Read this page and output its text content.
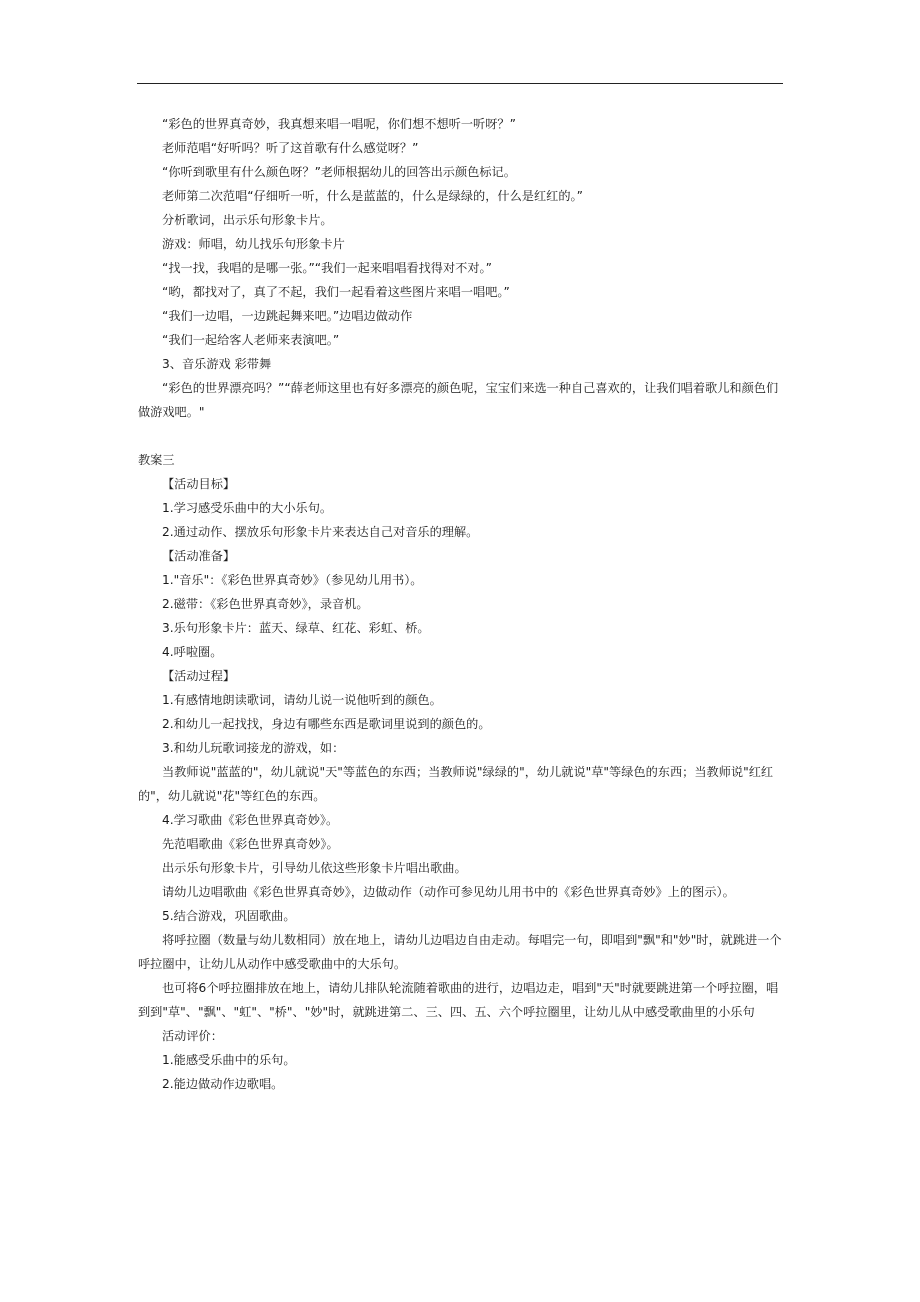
“彩色的世界真奇妙，我真想来唱一唱呢，你们想不想听一听呀？”
老师范唱“好听吗？听了这首歌有什么感觉呀？”
“你听到歌里有什么颜色呀？”老师根据幼儿的回答出示颜色标记。
老师第二次范唱“仔细听一听，什么是蓝蓝的，什么是绿绿的，什么是红红的。”
分析歌词，出示乐句形象卡片。
游戏：师唱，幼儿找乐句形象卡片
“找一找，我唱的是哪一张。”“我们一起来唱唱看找得对不对。”
“哟，都找对了，真了不起，我们一起看着这些图片来唱一唱吧。”
“我们一边唱，一边跳起舞来吧。”边唱边做动作
“我们一起给客人老师来表演吧。”
3、音乐游戏 彩带舞
“彩色的世界漂亮吗？”“薛老师这里也有好多漂亮的颜色呢，宝宝们来选一种自己喜欢的，让我们唱着歌儿和颜色们做游戏吧。"
教案三
【活动目标】
1.学习感受乐曲中的大小乐句。
2.通过动作、摆放乐句形象卡片来表达自己对音乐的理解。
【活动准备】
1."音乐"：《彩色世界真奇妙》（参见幼儿用书）。
2.磁带：《彩色世界真奇妙》，录音机。
3.乐句形象卡片：蓝天、绿草、红花、彩虹、桥。
4.呼啦圈。
【活动过程】
1.有感情地朗读歌词，请幼儿说一说他听到的颜色。
2.和幼儿一起找找，身边有哪些东西是歌词里说到的颜色的。
3.和幼儿玩歌词接龙的游戏，如：
当教师说"蓝蓝的"，幼儿就说"天"等蓝色的东西；当教师说"绿绿的"，幼儿就说"草"等绿色的东西；当教师说"红红的"，幼儿就说"花"等红色的东西。
4.学习歌曲《彩色世界真奇妙》。
先范唱歌曲《彩色世界真奇妙》。
出示乐句形象卡片，引导幼儿依这些形象卡片唱出歌曲。
请幼儿边唱歌曲《彩色世界真奇妙》，边做动作（动作可参见幼儿用书中的《彩色世界真奇妙》上的图示）。
5.结合游戏，巩固歌曲。
将呼拉圈（数量与幼儿数相同）放在地上，请幼儿边唱边自由走动。每唱完一句，即唱到"飘"和"妙"时，就跳进一个呼拉圈中，让幼儿从动作中感受歌曲中的大乐句。
也可将6个呼拉圈排放在地上，请幼儿排队轮流随着歌曲的进行，边唱边走，唱到"天"时就要跳进第一个呼拉圈，唱到到"草"、"飘"、"虹"、"桥"、"妙"时，就跳进第二、三、四、五、六个呼拉圈里，让幼儿从中感受歌曲里的小乐句
活动评价：
1.能感受乐曲中的乐句。
2.能边做动作边歌唱。
